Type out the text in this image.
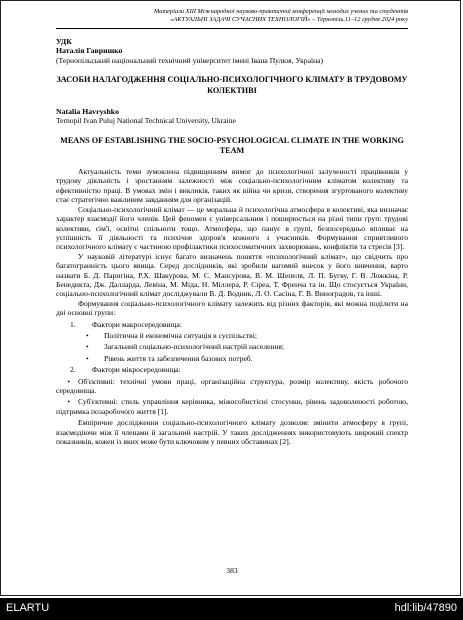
Матеріали XIII Міжнародної науково-практичної конференції молодих учених та студентів
«АКТУАЛЬНІ ЗАДАЧІ СУЧАСНИХ ТЕХНОЛОГІЙ» – Тернопіль,11–12 грудня 2024 року
УДК
Наталія Гавришко
(Тернопільський національний технічний університет імені Івана Пулюя, Україна)
ЗАСОБИ НАЛАГОДЖЕННЯ СОЦІАЛЬНО-ПСИХОЛОГІЧНОГО КЛІМАТУ В ТРУДОВОМУ КОЛЕКТИВІ
Natalia Havryshko
Ternopil Ivan Puluj National Technical University, Ukraine
MEANS OF ESTABLISHING THE SOCIO-PSYCHOLOGICAL CLIMATE IN THE WORKING TEAM

Актуальність теми зумовлена підвищенням вимог до психологічної залученості працівників у трудову діяльність і зростанням залежності між соціально-психологічним кліматом колективу та ефективністю праці. В умовах змін і викликів, таких як війна чи кризи, створення згуртованого колективу стає стратегічно важливим завданням для організацій.

Соціально-психологічний клімат — це моральна й психологічна атмосфера в колективі, яка визначає характер взаємодії його членів. Цей феномен є універсальним і поширюється на різні типи груп: трудові колективи, сім'ї, освітні спільноти тощо. Атмосфера, що панує в групі, безпосередньо впливає на успішність її діяльності та психічне здоров'я кожного з учасників. Формування сприятливого психологічного клімату є частиною профілактики психосоматичних захворювань, конфліктів та стресів [3].

У науковій літературі існує багато визначень поняття «психологічний клімат», що свідчить про багатогранність цього явища. Серед дослідників, які зробили вагомий внесок у його вивчення, варто назвати Б. Д. Паригіна, Р.Х. Шакурова, М. С. Мансурова, В. М. Шепеля, Л. П. Бугву, Г. В. Ложкіна, Р. Бенедикта, Дж. Далларда, Левіна, М. Міда, Н. Міллера, Р. Сіреа, Т. Френча та ін. Що стосується України, соціально-психологічний клімат досліджували В. Д. Водник, Л. О. Сасіна, Г. В. Виноградов, та інші.

Формування соціально-психологічного клімату залежить від різних факторів, які можна поділити на дві основні групи:

1. Фактори макросередовища:
• Політична й економічна ситуація в суспільстві;
• Загальний соціально-психологічний настрій населення;
• Рівень життя та забезпечення базових потреб.
2. Фактори мікросередовища:
• Об'єктивні: технічні умови праці, організаційна структура, розмір колективу, якість робочого середовища.
• Суб'єктивні: стиль управління керівника, міжособистісні стосунки, рівень задоволеності роботою, підтримка позаробочого життя [1].

Емпіричне дослідження соціально-психологічного клімату дозволяє змінити атмосферу в групі, взаємодіючи між її членами й загальний настрій. У таких дослідженнях використовують широкий спектр показників, кожен із яких може бути ключовим у певних обставинах [2].

383
ELARTU	hdl:lib/47890
